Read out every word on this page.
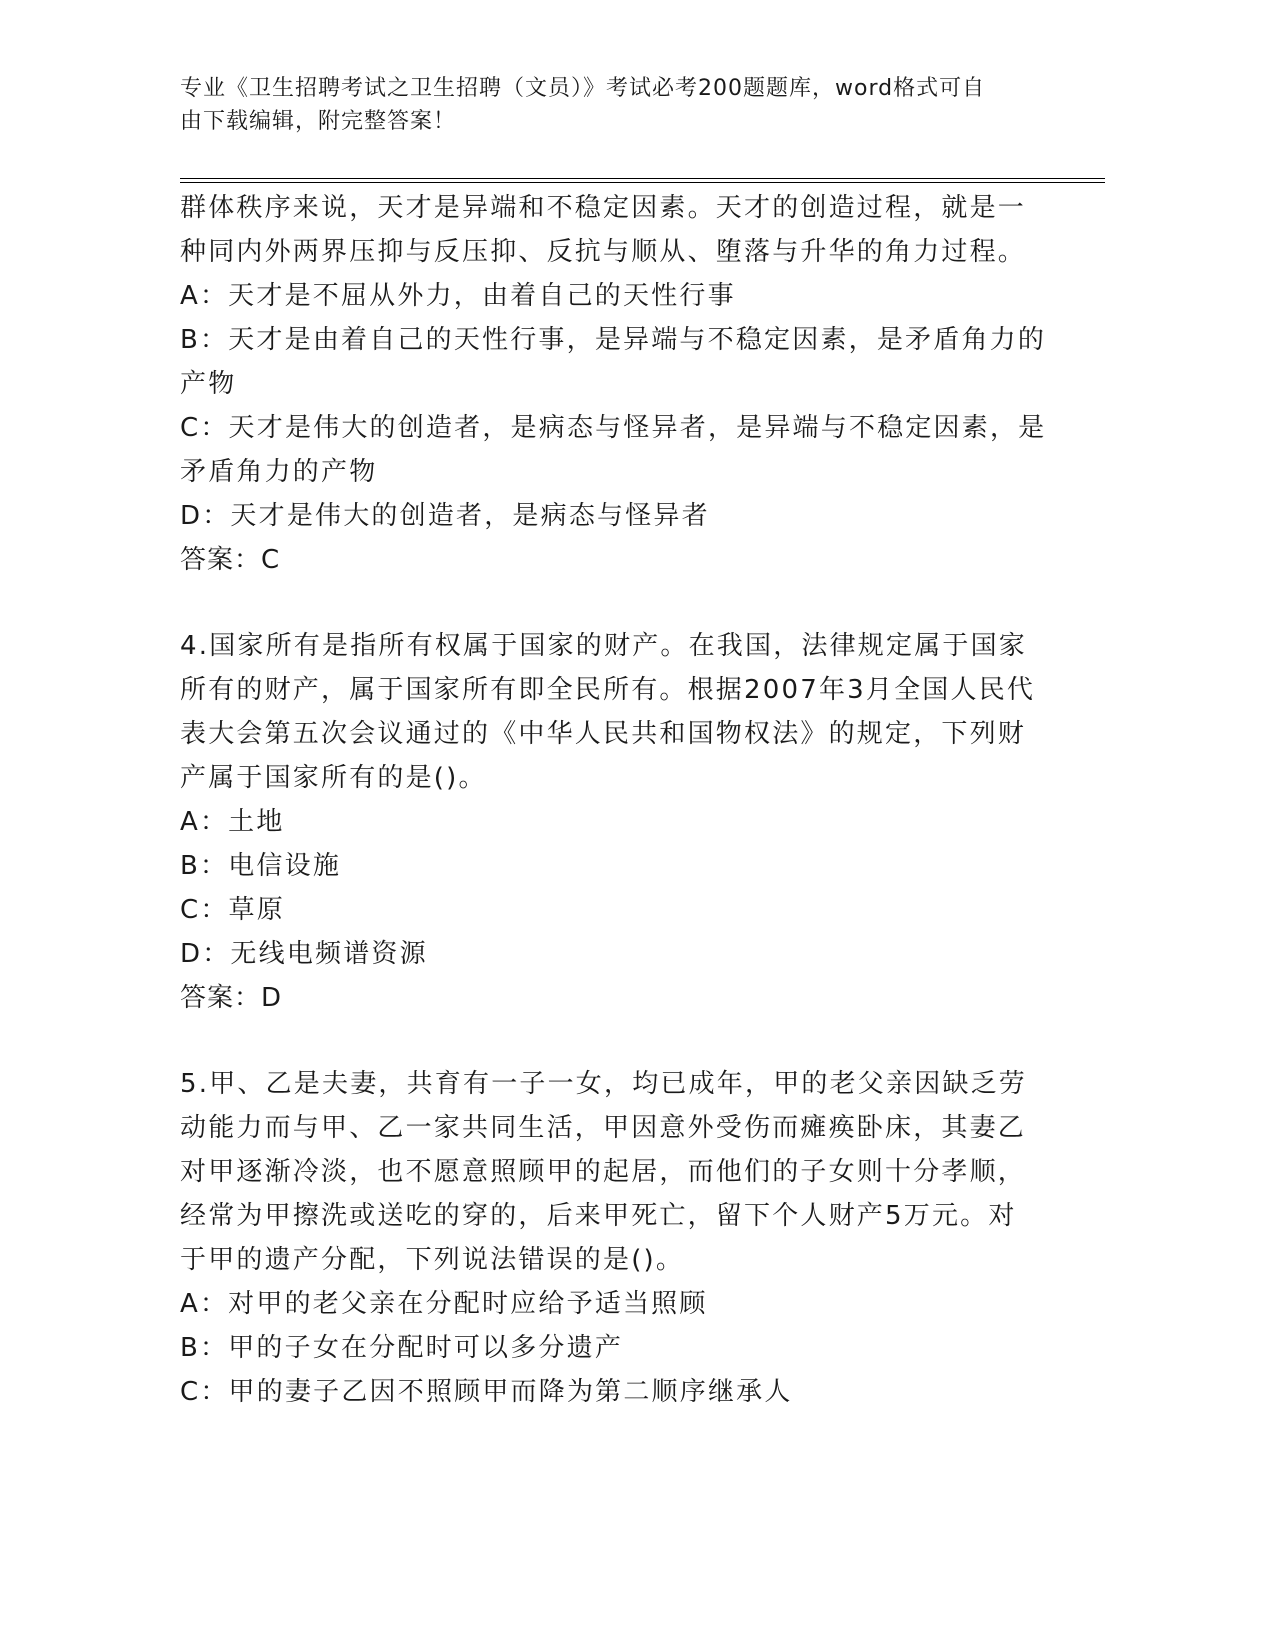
专业《卫生招聘考试之卫生招聘（文员）》考试必考200题题库，word格式可自
由下载编辑，附完整答案！
群体秩序来说，天才是异端和不稳定因素。天才的创造过程，就是一
种同内外两界压抑与反压抑、反抗与顺从、堕落与升华的角力过程。
A：天才是不屈从外力，由着自己的天性行事
B：天才是由着自己的天性行事，是异端与不稳定因素，是矛盾角力的
产物
C：天才是伟大的创造者，是病态与怪异者，是异端与不稳定因素，是
矛盾角力的产物
D：天才是伟大的创造者，是病态与怪异者
答案：C
4.国家所有是指所有权属于国家的财产。在我国，法律规定属于国家
所有的财产，属于国家所有即全民所有。根据2007年3月全国人民代
表大会第五次会议通过的《中华人民共和国物权法》的规定，下列财
产属于国家所有的是()。
A：土地
B：电信设施
C：草原
D：无线电频谱资源
答案：D
5.甲、乙是夫妻，共育有一子一女，均已成年，甲的老父亲因缺乏劳
动能力而与甲、乙一家共同生活，甲因意外受伤而瘫痪卧床，其妻乙
对甲逐渐冷淡，也不愿意照顾甲的起居，而他们的子女则十分孝顺，
经常为甲擦洗或送吃的穿的，后来甲死亡，留下个人财产5万元。对
于甲的遗产分配，下列说法错误的是()。
A：对甲的老父亲在分配时应给予适当照顾
B：甲的子女在分配时可以多分遗产
C：甲的妻子乙因不照顾甲而降为第二顺序继承人
